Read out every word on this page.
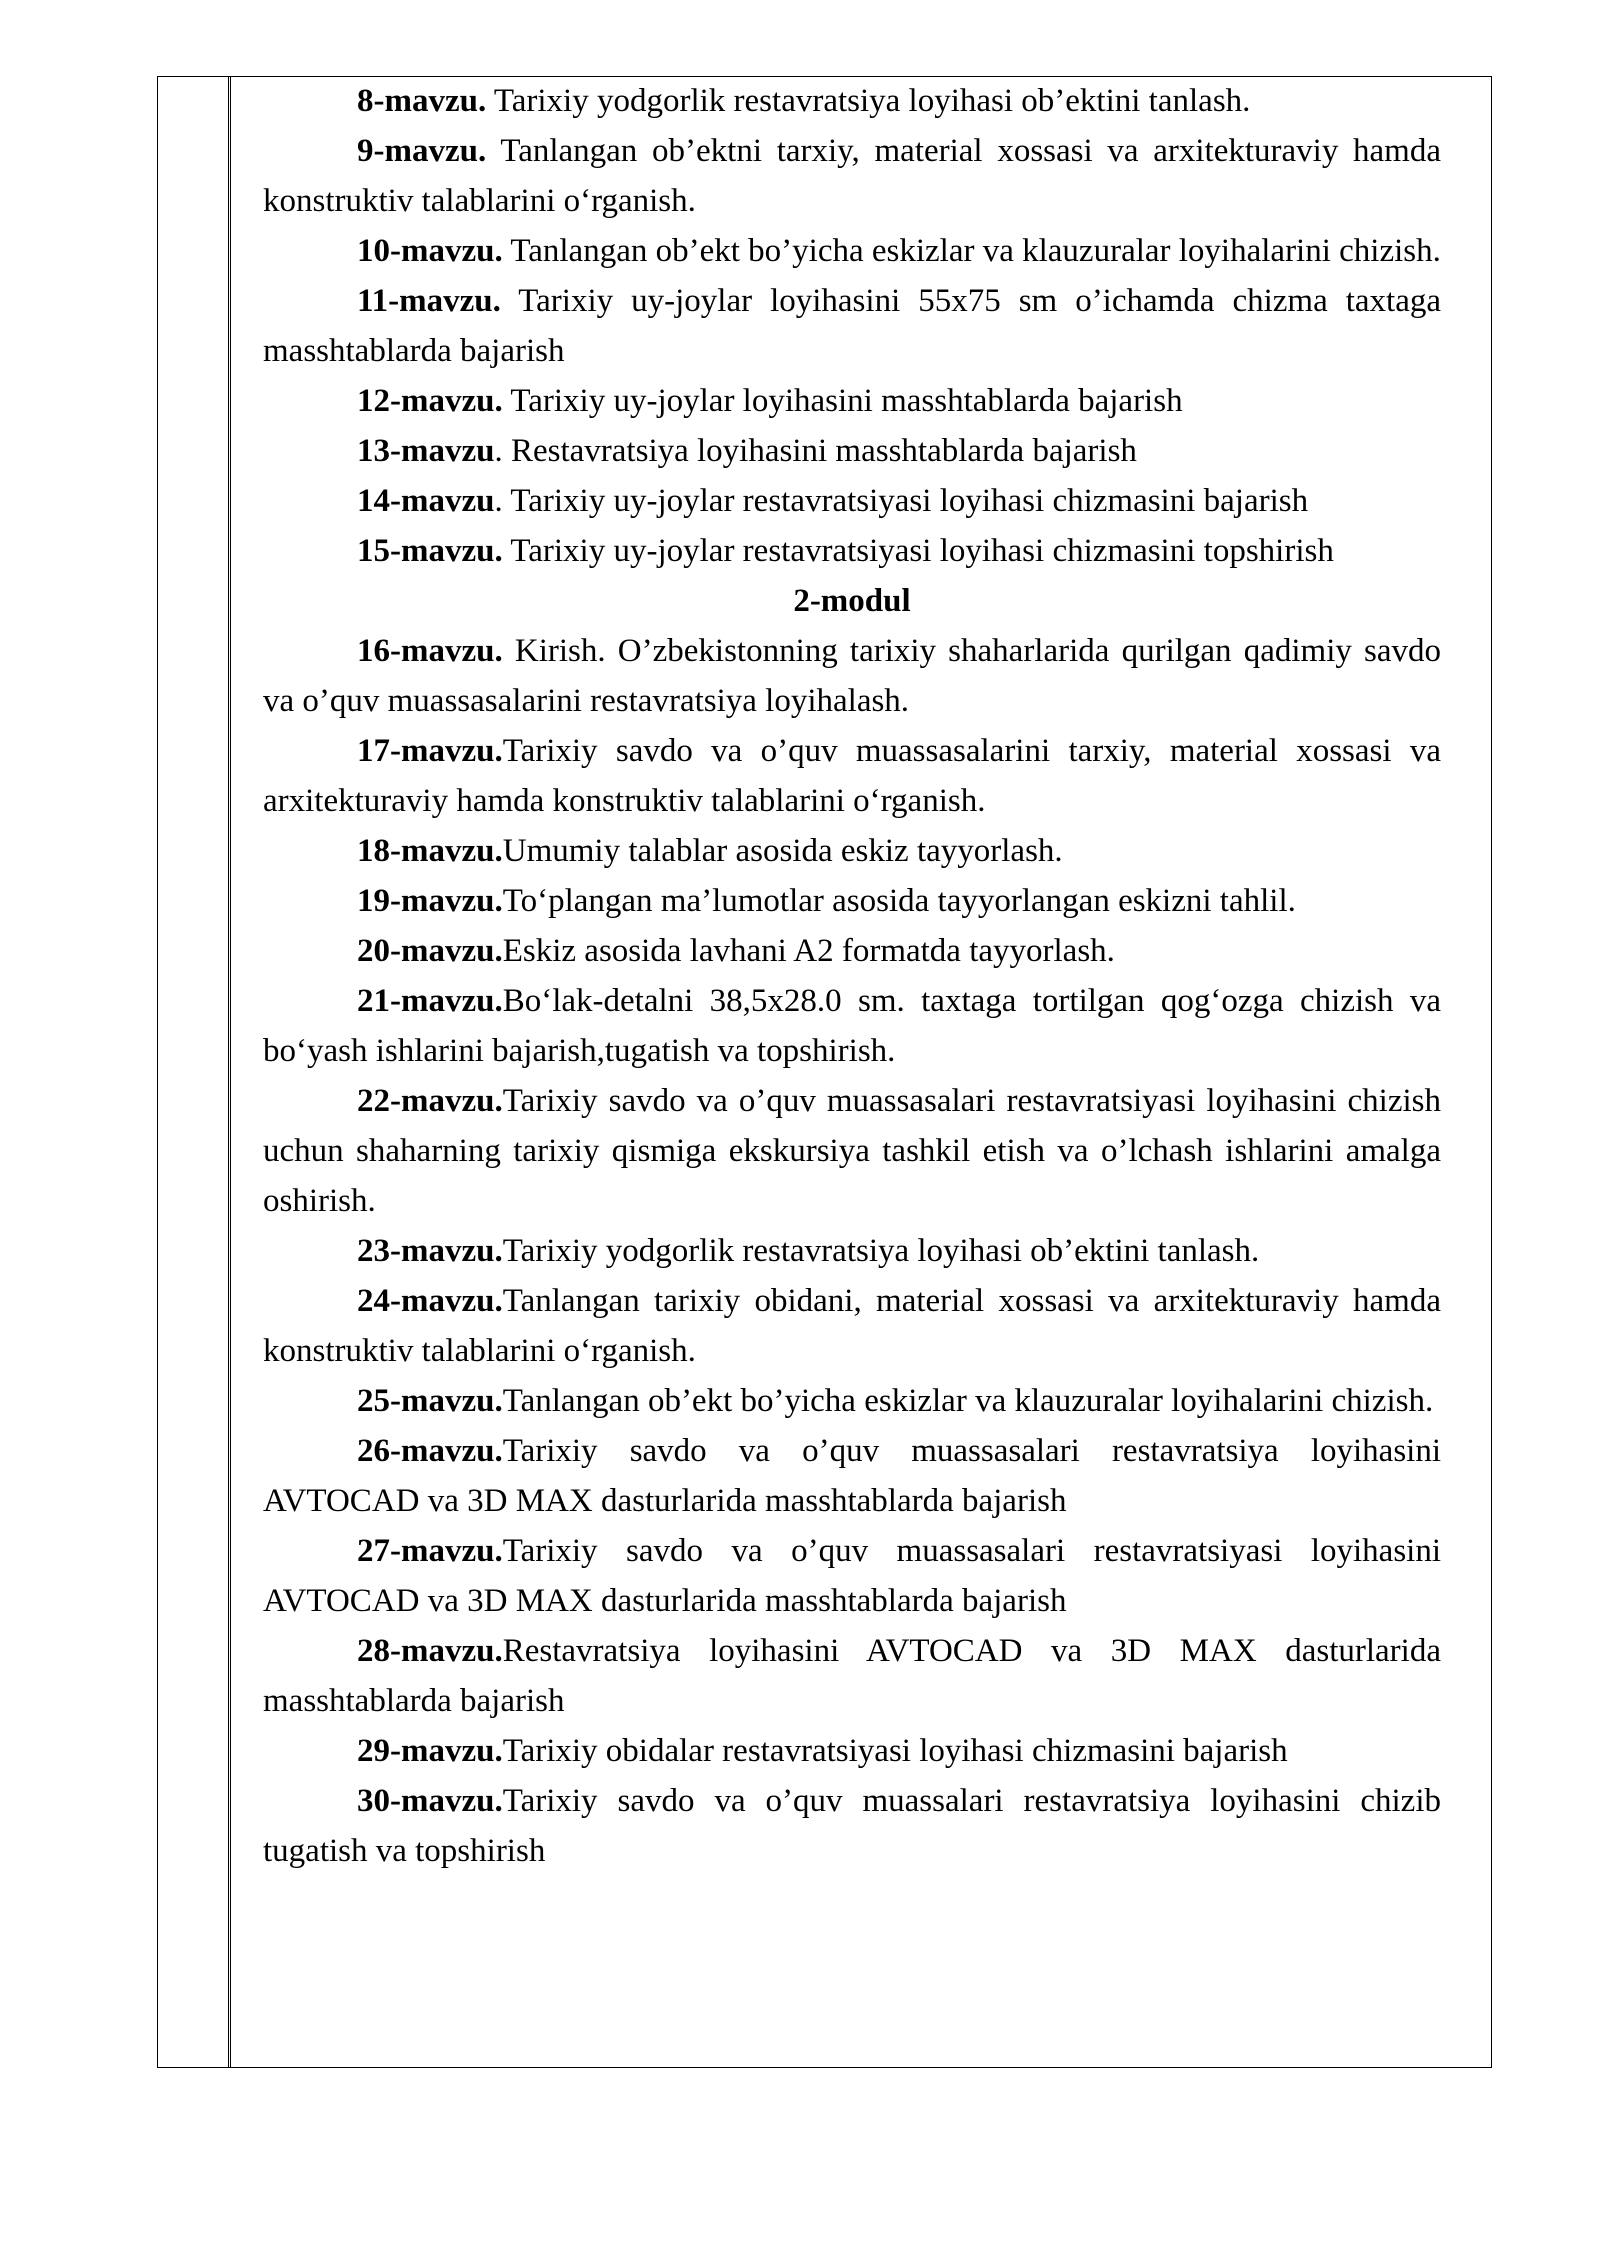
8-mavzu. Tarixiy yodgorlik restavratsiya loyihasi ob’ektini tanlash.

9-mavzu. Tanlangan ob’ektni tarxiy, material xossasi va arxitekturaviy hamda konstruktiv talablarini o‘rganish.

10-mavzu. Tanlangan ob’ekt bo’yicha eskizlar va klauzuralar loyihalarini chizish.

11-mavzu. Tarixiy uy-joylar loyihasini 55x75 sm o’ichamda chizma taxtaga masshtablarda bajarish

12-mavzu. Tarixiy uy-joylar loyihasini masshtablarda bajarish

13-mavzu. Restavratsiya loyihasini masshtablarda bajarish

14-mavzu. Tarixiy uy-joylar restavratsiyasi loyihasi chizmasini bajarish

15-mavzu. Tarixiy uy-joylar restavratsiyasi loyihasi chizmasini topshirish

2-modul

16-mavzu. Kirish. O’zbekistonning tarixiy shaharlarida qurilgan qadimiy savdo va o’quv muassasalarini restavratsiya loyihalash.

17-mavzu.Tarixiy savdo va o’quv muassasalarini tarxiy, material xossasi va arxitekturaviy hamda konstruktiv talablarini o‘rganish.

18-mavzu.Umumiy talablar asosida eskiz tayyorlash.

19-mavzu.To‘plangan ma’lumotlar asosida tayyorlangan eskizni tahlil.

20-mavzu.Eskiz asosida lavhani A2 formatda tayyorlash.

21-mavzu.Bo‘lak-detalni 38,5x28.0 sm. taxtaga tortilgan qog‘ozga chizish va bo‘yash ishlarini bajarish,tugatish va topshirish.

22-mavzu.Tarixiy savdo va o’quv muassasalari restavratsiyasi loyihasini chizish uchun shaharning tarixiy qismiga ekskursiya tashkil etish va o’lchash ishlarini amalga oshirish.

23-mavzu.Tarixiy yodgorlik restavratsiya loyihasi ob’ektini tanlash.

24-mavzu.Tanlangan tarixiy obidani, material xossasi va arxitekturaviy hamda konstruktiv talablarini o‘rganish.

25-mavzu.Tanlangan ob’ekt bo’yicha eskizlar va klauzuralar loyihalarini chizish.

26-mavzu.Tarixiy savdo va o’quv muassasalari restavratsiya loyihasini AVTOCAD va 3D MAX dasturlarida masshtablarda bajarish

27-mavzu.Tarixiy savdo va o’quv muassasalari restavratsiyasi loyihasini AVTOCAD va 3D MAX dasturlarida masshtablarda bajarish

28-mavzu.Restavratsiya loyihasini AVTOCAD va 3D MAX dasturlarida masshtablarda bajarish

29-mavzu.Tarixiy obidalar restavratsiyasi loyihasi chizmasini bajarish

30-mavzu.Tarixiy savdo va o’quv muassalari restavratsiya loyihasini chizib tugatish va topshirish
